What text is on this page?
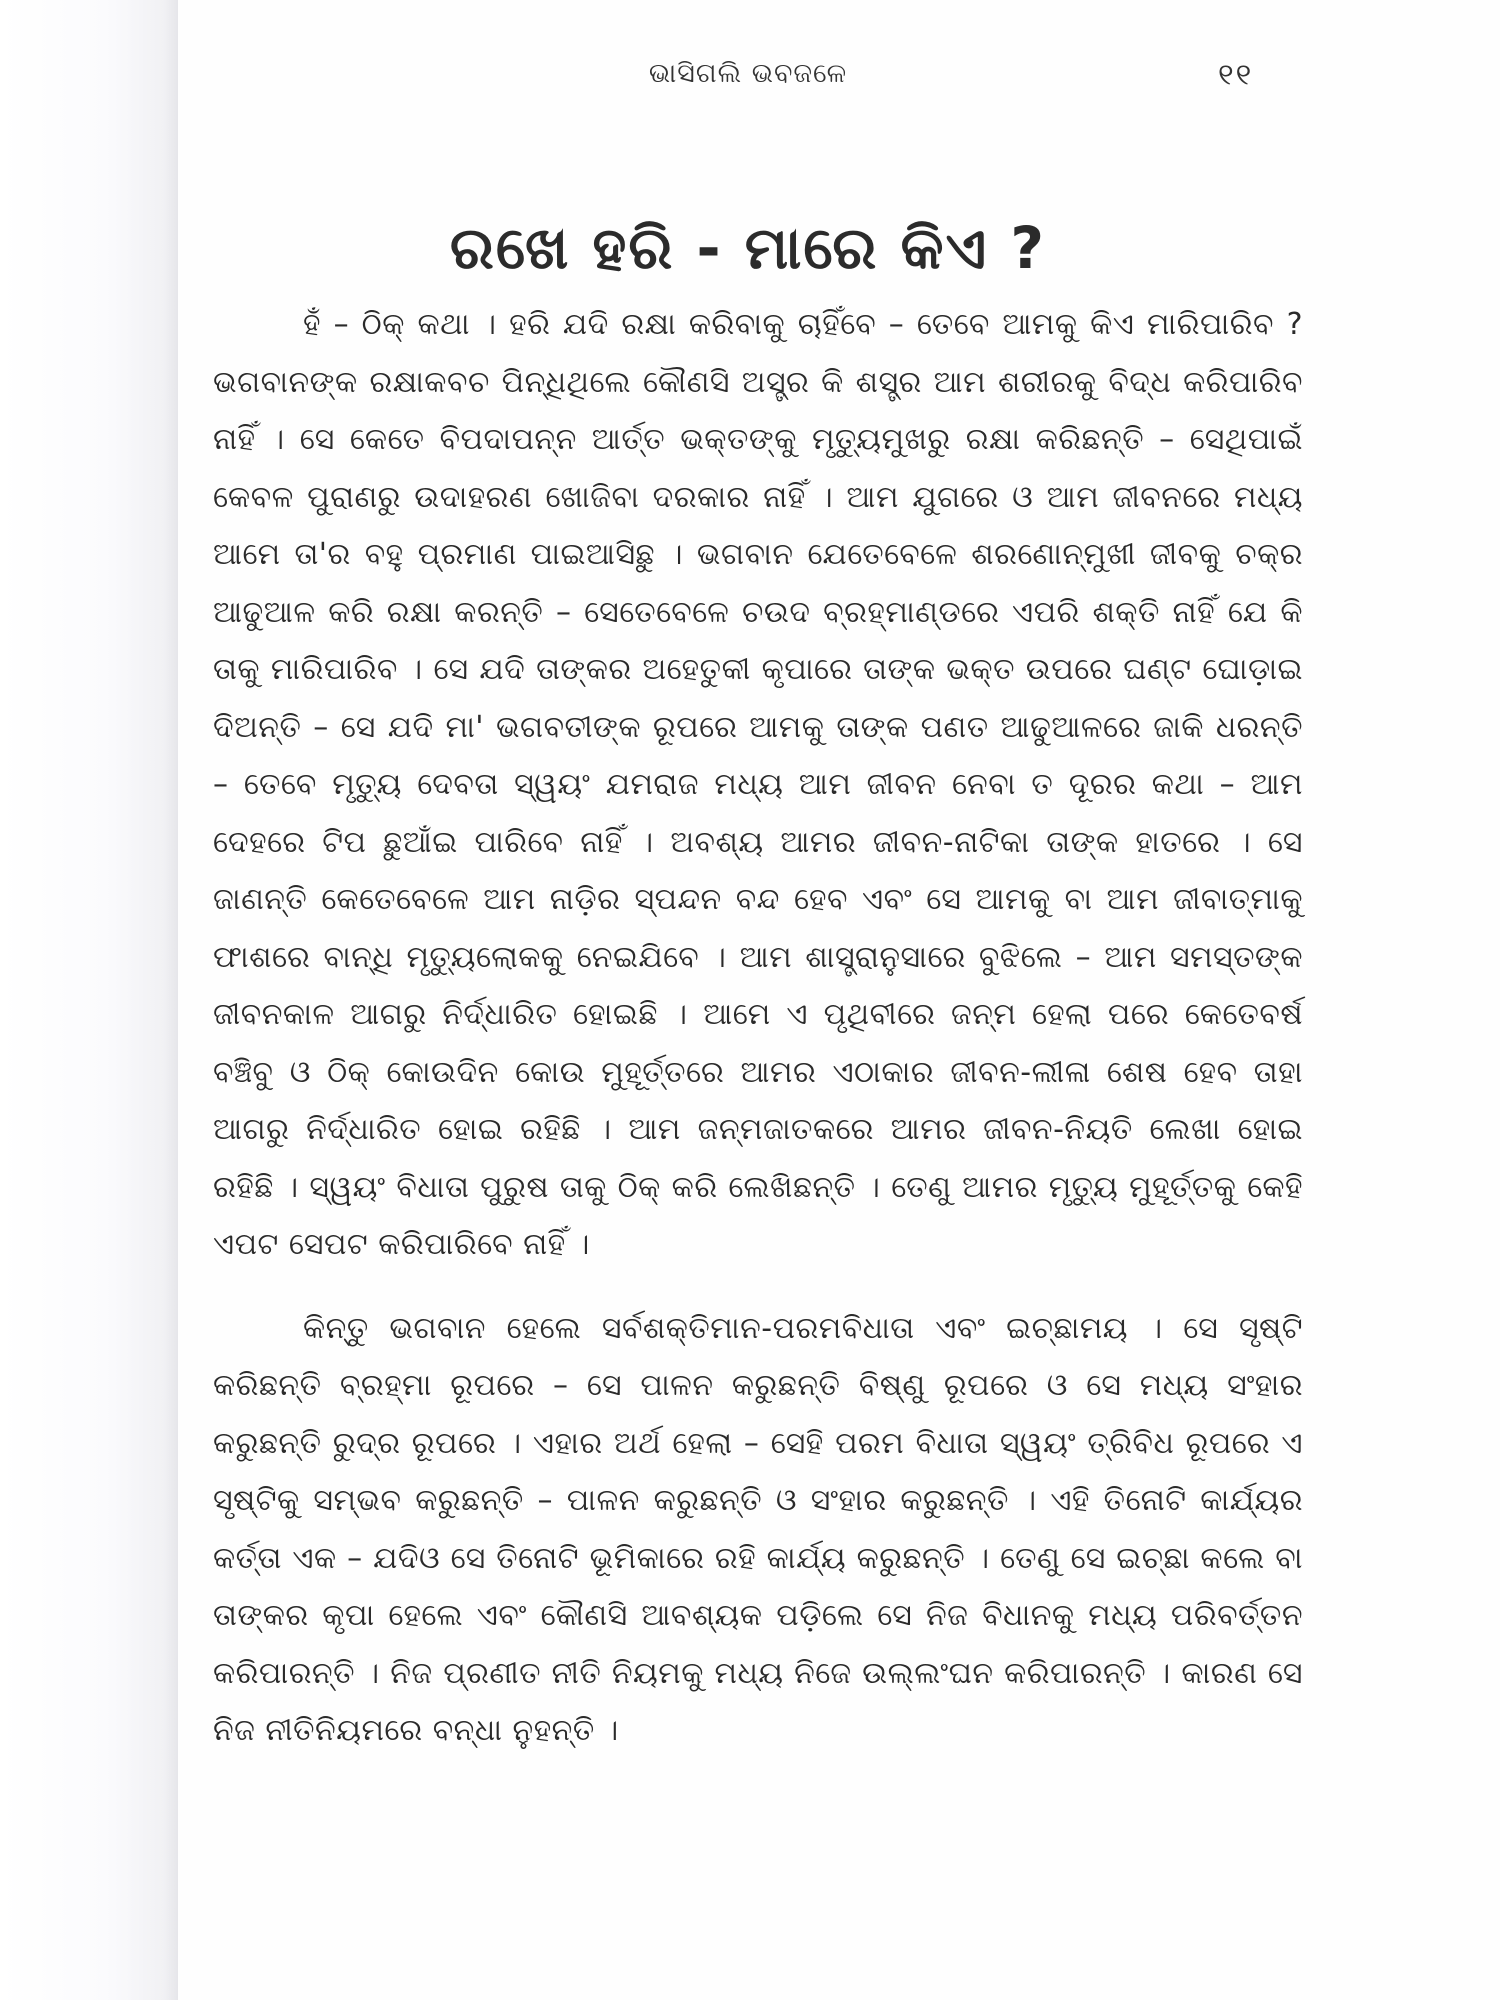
ଭାସିଗଲି ଭବଜଳେ	୧୧
ରଖେ ହରି - ମାରେ କିଏ ?

ହଁ – ଠିକ୍ କଥା । ହରି ଯଦି ରକ୍ଷା କରିବାକୁ ଚାହିଁବେ – ତେବେ ଆମକୁ କିଏ ମାରିପାରିବ ? ଭଗବାନଙ୍କ ରକ୍ଷାକବଚ ପିନ୍ଧିଥିଲେ କୌଣସି ଅସ୍ତ୍ର କି ଶସ୍ତ୍ର ଆମ ଶରୀରକୁ ବିଦ୍ଧ କରିପାରିବ ନାହିଁ । ସେ କେତେ ବିପଦାପନ୍ନ ଆର୍ତ୍ତ ଭକ୍ତଙ୍କୁ ମୃତ୍ୟୁମୁଖରୁ ରକ୍ଷା କରିଛନ୍ତି – ସେଥିପାଇଁ କେବଳ ପୁରାଣରୁ ଉଦାହରଣ ଖୋଜିବା ଦରକାର ନାହିଁ । ଆମ ଯୁଗରେ ଓ ଆମ ଜୀବନରେ ମଧ୍ୟ ଆମେ ତା'ର ବହୁ ପ୍ରମାଣ ପାଇଆସିଛୁ । ଭଗବାନ ଯେତେବେଳେ ଶରଣୋନ୍ମୁଖୀ ଜୀବକୁ ଚକ୍ର ଆଢୁଆଳ କରି ରକ୍ଷା କରନ୍ତି – ସେତେବେଳେ ଚଉଦ ବ୍ରହ୍ମାଣ୍ଡରେ ଏପରି ଶକ୍ତି ନାହିଁ ଯେ କି ତାକୁ ମାରିପାରିବ । ସେ ଯଦି ତାଙ୍କର ଅହେତୁକୀ କୃପାରେ ତାଙ୍କ ଭକ୍ତ ଉପରେ ଘଣ୍ଟ ଘୋଡ଼ାଇ ଦିଅନ୍ତି – ସେ ଯଦି ମା' ଭଗବତୀଙ୍କ ରୂପରେ ଆମକୁ ତାଙ୍କ ପଣତ ଆଢୁଆଳରେ ଜାକି ଧରନ୍ତି – ତେବେ ମୃତ୍ୟୁ ଦେବତା ସ୍ୱୟଂ ଯମରାଜ ମଧ୍ୟ ଆମ ଜୀବନ ନେବା ତ ଦୂରର କଥା – ଆମ ଦେହରେ ଟିପ ଛୁଆଁଇ ପାରିବେ ନାହିଁ । ଅବଶ୍ୟ ଆମର ଜୀବନ-ନାଟିକା ତାଙ୍କ ହାତରେ । ସେ ଜାଣନ୍ତି କେତେବେଳେ ଆମ ନାଡ଼ିର ସ୍ପନ୍ଦନ ବନ୍ଦ ହେବ ଏବଂ ସେ ଆମକୁ ବା ଆମ ଜୀବାତ୍ମାକୁ ଫାଶରେ ବାନ୍ଧି ମୃତ୍ୟୁଲୋକକୁ ନେଇଯିବେ । ଆମ ଶାସ୍ତ୍ରାନୁସାରେ ବୁଝିଲେ – ଆମ ସମସ୍ତଙ୍କ ଜୀବନକାଳ ଆଗରୁ ନିର୍ଦ୍ଧାରିତ ହୋଇଛି । ଆମେ ଏ ପୃଥିବୀରେ ଜନ୍ମ ହେଲା ପରେ କେତେବର୍ଷ ବଞ୍ଚିବୁ ଓ ଠିକ୍ କୋଉଦିନ କୋଉ ମୁହୂର୍ତ୍ତରେ ଆମର ଏଠାକାର ଜୀବନ-ଲୀଳା ଶେଷ ହେବ ତାହା ଆଗରୁ ନିର୍ଦ୍ଧାରିତ ହୋଇ ରହିଛି । ଆମ ଜନ୍ମଜାତକରେ ଆମର ଜୀବନ-ନିୟତି ଲେଖା ହୋଇ ରହିଛି । ସ୍ୱୟଂ ବିଧାତା ପୁରୁଷ ତାକୁ ଠିକ୍ କରି ଲେଖିଛନ୍ତି । ତେଣୁ ଆମର ମୃତ୍ୟୁ ମୁହୂର୍ତ୍ତକୁ କେହି ଏପଟ ସେପଟ କରିପାରିବେ ନାହିଁ ।

କିନ୍ତୁ ଭଗବାନ ହେଲେ ସର୍ବଶକ୍ତିମାନ-ପରମବିଧାତା ଏବଂ ଇଚ୍ଛାମୟ । ସେ ସୃଷ୍ଟି କରିଛନ୍ତି ବ୍ରହ୍ମା ରୂପରେ – ସେ ପାଳନ କରୁଛନ୍ତି ବିଷ୍ଣୁ ରୂପରେ ଓ ସେ ମଧ୍ୟ ସଂହାର କରୁଛନ୍ତି ରୁଦ୍ର ରୂପରେ । ଏହାର ଅର୍ଥ ହେଲା – ସେହି ପରମ ବିଧାତା ସ୍ୱୟଂ ତ୍ରିବିଧ ରୂପରେ ଏ ସୃଷ୍ଟିକୁ ସମ୍ଭବ କରୁଛନ୍ତି – ପାଳନ କରୁଛନ୍ତି ଓ ସଂହାର କରୁଛନ୍ତି । ଏହି ତିନୋଟି କାର୍ଯ୍ୟର କର୍ତ୍ତା ଏକ – ଯଦିଓ ସେ ତିନୋଟି ଭୂମିକାରେ ରହି କାର୍ଯ୍ୟ କରୁଛନ୍ତି । ତେଣୁ ସେ ଇଚ୍ଛା କଲେ ବା ତାଙ୍କର କୃପା ହେଲେ ଏବଂ କୌଣସି ଆବଶ୍ୟକ ପଡ଼ିଲେ ସେ ନିଜ ବିଧାନକୁ ମଧ୍ୟ ପରିବର୍ତ୍ତନ କରିପାରନ୍ତି । ନିଜ ପ୍ରଣୀତ ନୀତି ନିୟମକୁ ମଧ୍ୟ ନିଜେ ଉଲ୍ଲଂଘନ କରିପାରନ୍ତି । କାରଣ ସେ ନିଜ ନୀତିନିୟମରେ ବନ୍ଧା ନୁହନ୍ତି ।
